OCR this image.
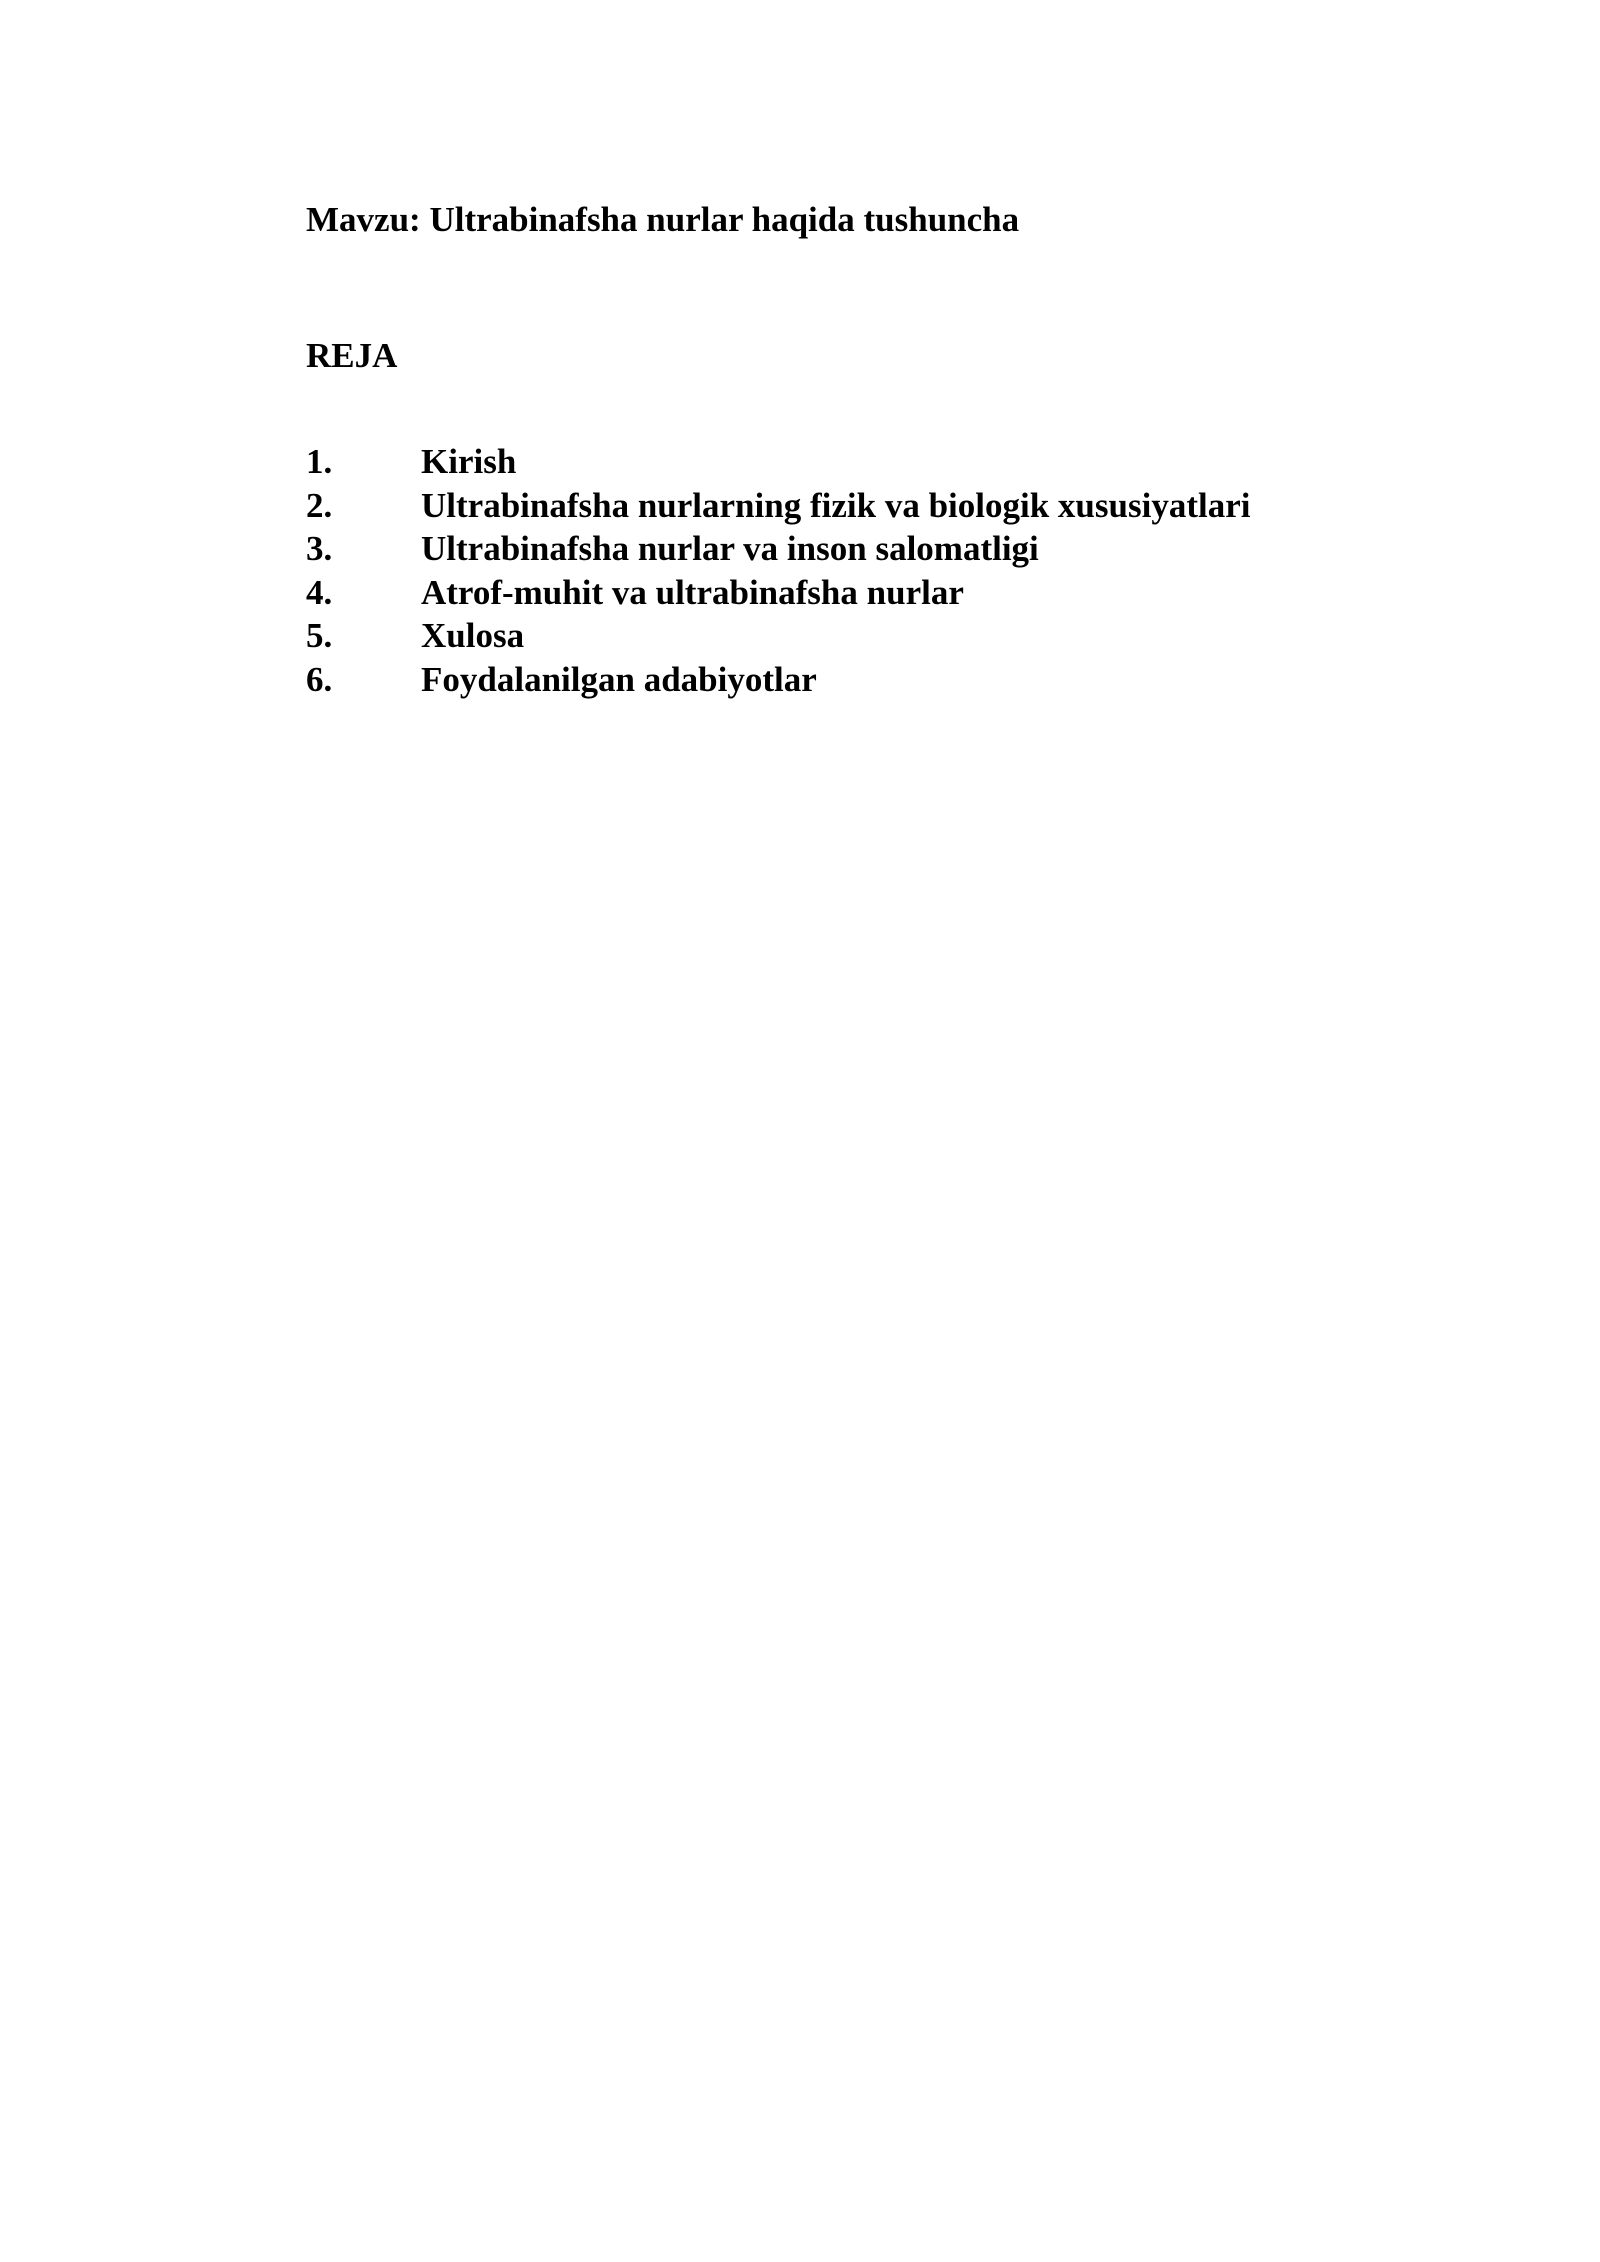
Mavzu: Ultrabinafsha nurlar haqida tushuncha
REJA
1.	Kirish
2.	Ultrabinafsha nurlarning fizik va biologik xususiyatlari
3.	Ultrabinafsha nurlar va inson salomatligi
4.	Atrof-muhit va ultrabinafsha nurlar
5.	Xulosa
6.	Foydalanilgan adabiyotlar
